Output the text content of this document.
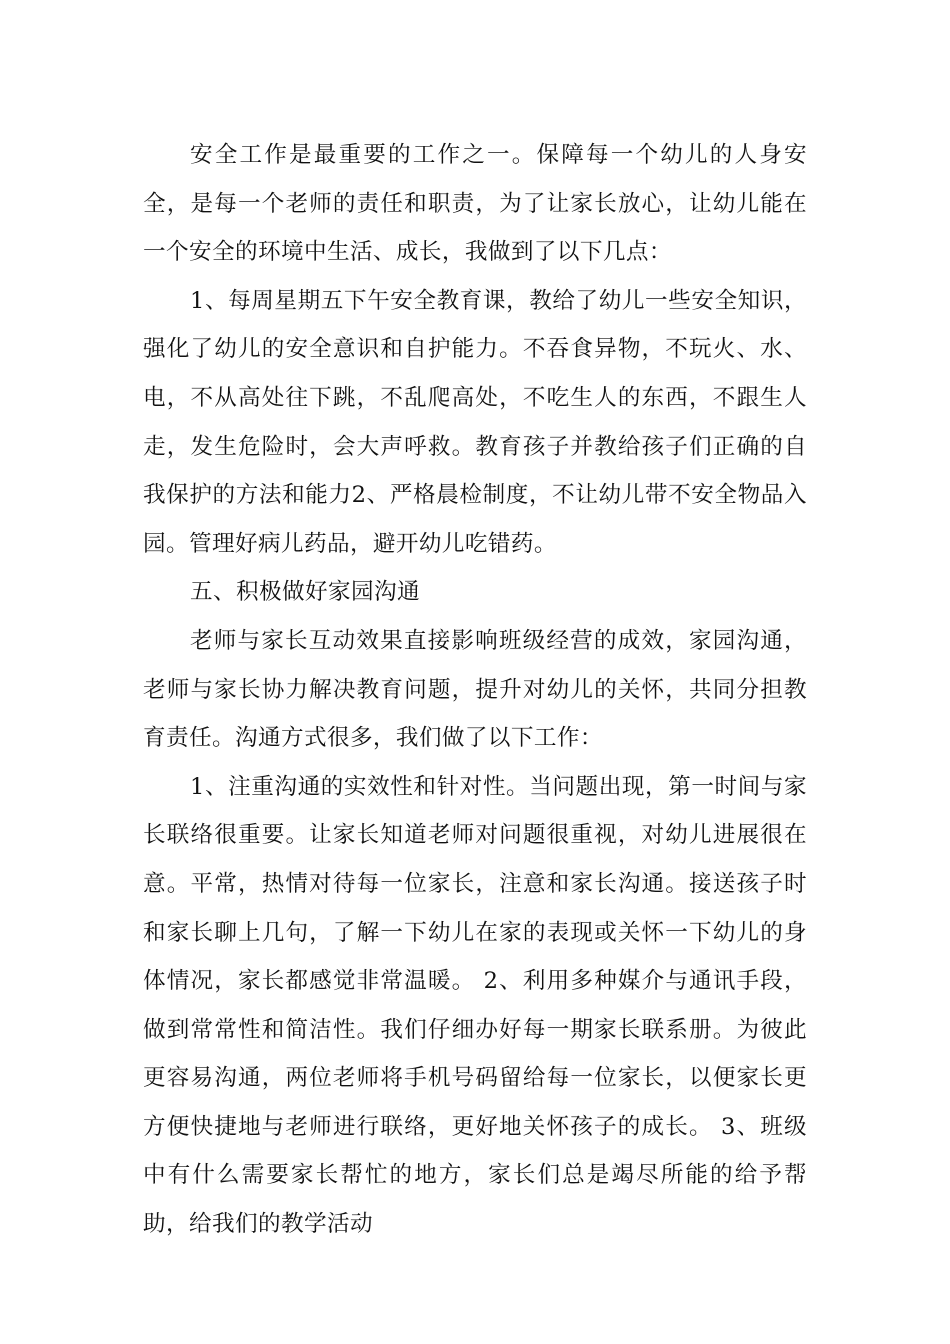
安全工作是最重要的工作之一。保障每一个幼儿的人身安全，是每一个老师的责任和职责，为了让家长放心，让幼儿能在一个安全的环境中生活、成长，我做到了以下几点：

1、每周星期五下午安全教育课，教给了幼儿一些安全知识，强化了幼儿的安全意识和自护能力。不吞食异物，不玩火、水、电，不从高处往下跳，不乱爬高处，不吃生人的东西，不跟生人走，发生危险时，会大声呼救。教育孩子并教给孩子们正确的自我保护的方法和能力2、严格晨检制度，不让幼儿带不安全物品入园。管理好病儿药品，避开幼儿吃错药。

五、积极做好家园沟通

老师与家长互动效果直接影响班级经营的成效，家园沟通，老师与家长协力解决教育问题，提升对幼儿的关怀，共同分担教育责任。沟通方式很多，我们做了以下工作：

1、注重沟通的实效性和针对性。当问题出现，第一时间与家长联络很重要。让家长知道老师对问题很重视，对幼儿进展很在意。平常，热情对待每一位家长，注意和家长沟通。接送孩子时和家长聊上几句，了解一下幼儿在家的表现或关怀一下幼儿的身体情况，家长都感觉非常温暖。 2、利用多种媒介与通讯手段，做到常常性和简洁性。我们仔细办好每一期家长联系册。为彼此更容易沟通，两位老师将手机号码留给每一位家长，以便家长更方便快捷地与老师进行联络，更好地关怀孩子的成长。 3、班级中有什么需要家长帮忙的地方，家长们总是竭尽所能的给予帮助，给我们的教学活动
